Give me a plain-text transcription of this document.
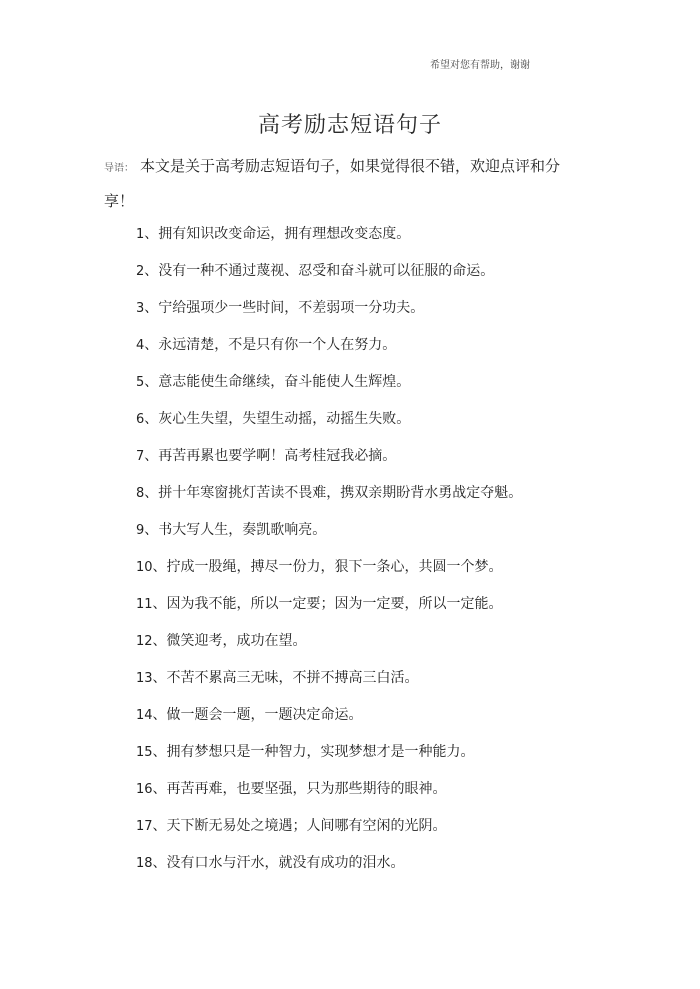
希望对您有帮助，谢谢
高考励志短语句子
导语： 本文是关于高考励志短语句子，如果觉得很不错，欢迎点评和分享！
1、拥有知识改变命运，拥有理想改变态度。
2、没有一种不通过蔑视、忍受和奋斗就可以征服的命运。
3、宁给强项少一些时间，不差弱项一分功夫。
4、永远清楚，不是只有你一个人在努力。
5、意志能使生命继续，奋斗能使人生辉煌。
6、灰心生失望，失望生动摇，动摇生失败。
7、再苦再累也要学啊！高考桂冠我必摘。
8、拼十年寒窗挑灯苦读不畏难，携双亲期盼背水勇战定夺魁。
9、书大写人生，奏凯歌响亮。
10、拧成一股绳，搏尽一份力，狠下一条心，共圆一个梦。
11、因为我不能，所以一定要；因为一定要，所以一定能。
12、微笑迎考，成功在望。
13、不苦不累高三无味，不拼不搏高三白活。
14、做一题会一题，一题决定命运。
15、拥有梦想只是一种智力，实现梦想才是一种能力。
16、再苦再难，也要坚强，只为那些期待的眼神。
17、天下断无易处之境遇；人间哪有空闲的光阴。
18、没有口水与汗水，就没有成功的泪水。
